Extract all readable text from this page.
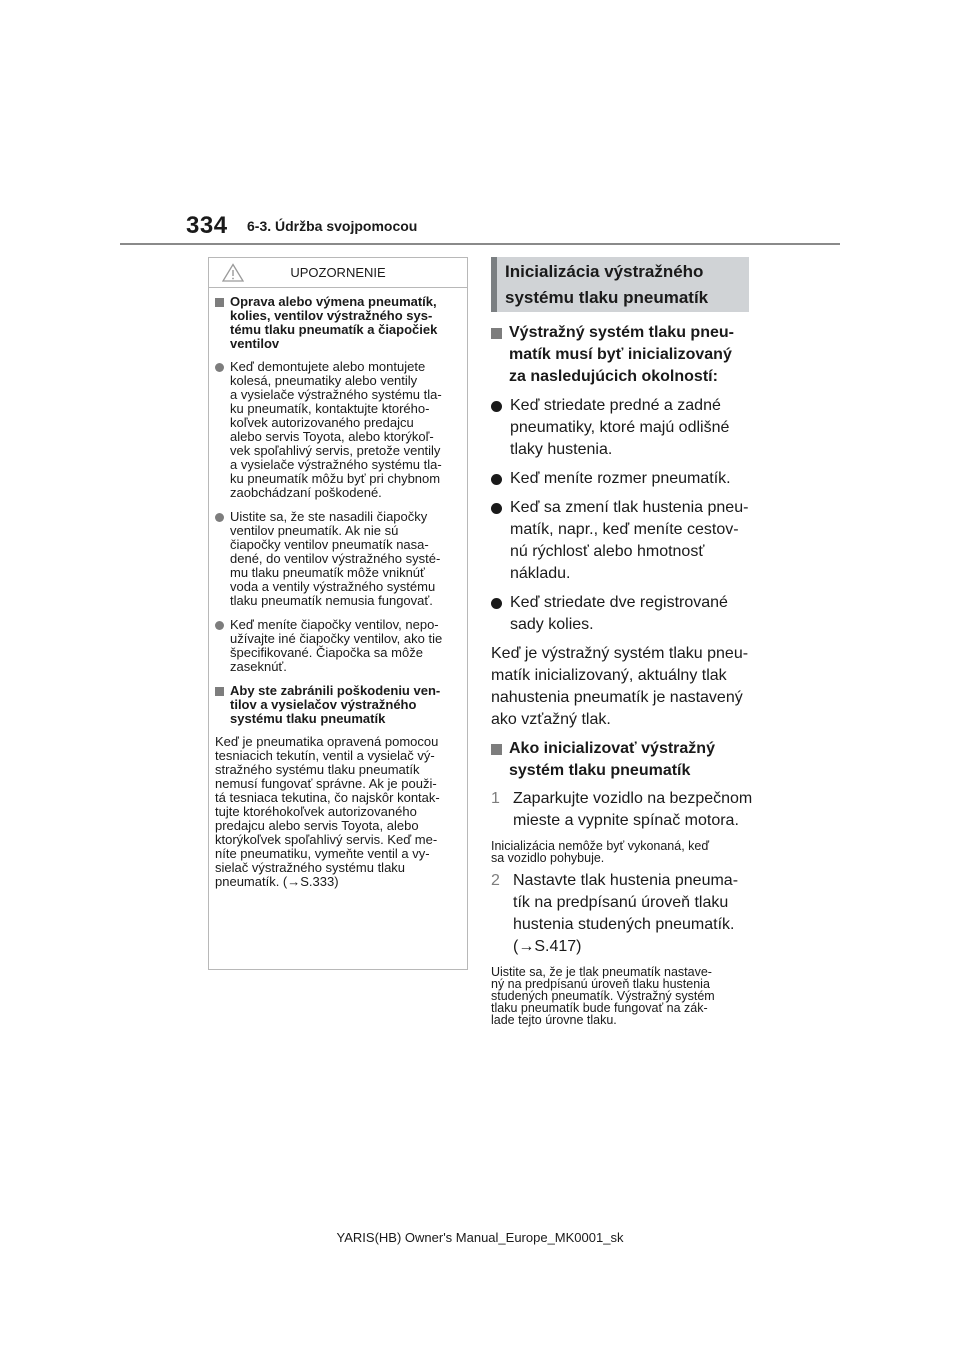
334 6-3. Údržba svojpomocou
UPOZORNENIE
Oprava alebo výmena pneumatík,
kolies, ventilov výstražného sys-
tému tlaku pneumatík a čiapočiek
ventilov
Keď demontujete alebo montujete
kolesá, pneumatiky alebo ventily
a vysielače výstražného systému tla-
ku pneumatík, kontaktujte ktorého-
koľvek autorizovaného predajcu
alebo servis Toyota, alebo ktorýkoľ-
vek spoľahlivý servis, pretože ventily
a vysielače výstražného systému tla-
ku pneumatík môžu byť pri chybnom
zaobchádzaní poškodené.
Uistite sa, že ste nasadili čiapočky
ventilov pneumatík. Ak nie sú
čiapočky ventilov pneumatík nasa-
dené, do ventilov výstražného systé-
mu tlaku pneumatík môže vniknúť
voda a ventily výstražného systému
tlaku pneumatík nemusia fungovať.
Keď meníte čiapočky ventilov, nepo-
užívajte iné čiapočky ventilov, ako tie
špecifikované. Čiapočka sa môže
zaseknúť.
Aby ste zabránili poškodeniu ven-
tilov a vysielačov výstražného
systému tlaku pneumatík
Keď je pneumatika opravená pomocou
tesniacich tekutín, ventil a vysielač vý-
stražného systému tlaku pneumatík
nemusí fungovať správne. Ak je použi-
tá tesniaca tekutina, čo najskôr kontak-
tujte ktoréhokoľvek autorizovaného
predajcu alebo servis Toyota, alebo
ktorýkoľvek spoľahlivý servis. Keď me-
níte pneumatiku, vymeňte ventil a vy-
sielač výstražného systému tlaku
pneumatík. (→S.333)
Inicializácia výstražného
systému tlaku pneumatík
Výstražný systém tlaku pneu-
matík musí byť inicializovaný
za nasledujúcich okolností:
Keď striedate predné a zadné
pneumatiky, ktoré majú odlišné
tlaky hustenia.
Keď meníte rozmer pneumatík.
Keď sa zmení tlak hustenia pneu-
matík, napr., keď meníte cestov-
nú rýchlosť alebo hmotnosť
nákladu.
Keď striedate dve registrované
sady kolies.
Keď je výstražný systém tlaku pneu-
matík inicializovaný, aktuálny tlak
nahustenia pneumatík je nastavený
ako vzťažný tlak.
Ako inicializovať výstražný
systém tlaku pneumatík
1 Zaparkujte vozidlo na bezpečnom
mieste a vypnite spínač motora.
Inicializácia nemôže byť vykonaná, keď
sa vozidlo pohybuje.
2 Nastavte tlak hustenia pneuma-
tík na predpísanú úroveň tlaku
hustenia studených pneumatík.
(→S.417)
Uistite sa, že je tlak pneumatík nastave-
ný na predpísanú úroveň tlaku hustenia
studených pneumatík. Výstražný systém
tlaku pneumatík bude fungovať na zák-
lade tejto úrovne tlaku.
YARIS(HB) Owner's Manual_Europe_MK0001_sk
